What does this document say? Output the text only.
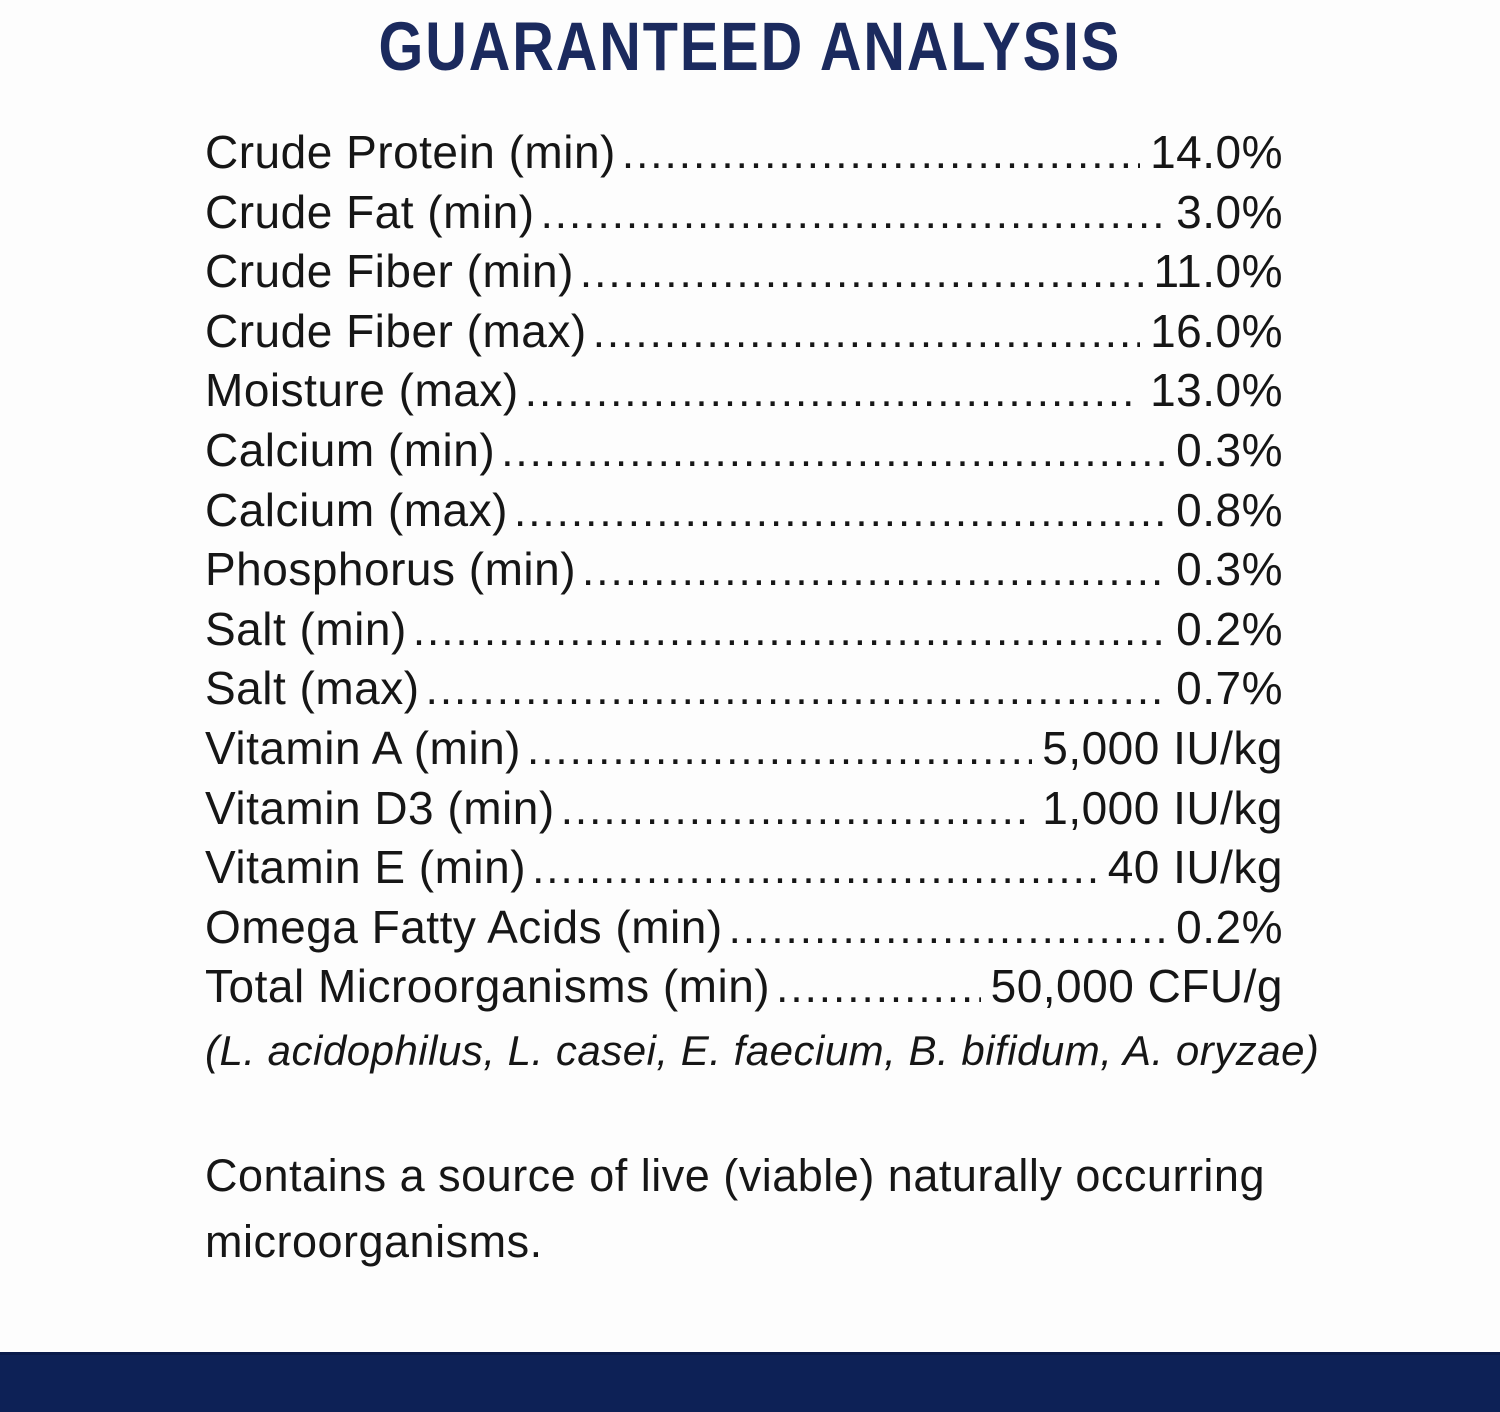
GUARANTEED ANALYSIS
Crude Protein (min) .....	14.0%
Crude Fat (min) .....	3.0%
Crude Fiber (min) .....	11.0%
Crude Fiber (max) .....	16.0%
Moisture (max) .....	13.0%
Calcium (min) .....	0.3%
Calcium (max) .....	0.8%
Phosphorus (min) .....	0.3%
Salt (min) .....	0.2%
Salt (max) .....	0.7%
Vitamin A (min) .....	5,000 IU/kg
Vitamin D3 (min) .....	1,000 IU/kg
Vitamin E (min) .....	40 IU/kg
Omega Fatty Acids (min) .....	0.2%
Total Microorganisms (min) .....	50,000 CFU/g
(L. acidophilus, L. casei, E. faecium, B. bifidum, A. oryzae)
Contains a source of live (viable) naturally occurring microorganisms.
